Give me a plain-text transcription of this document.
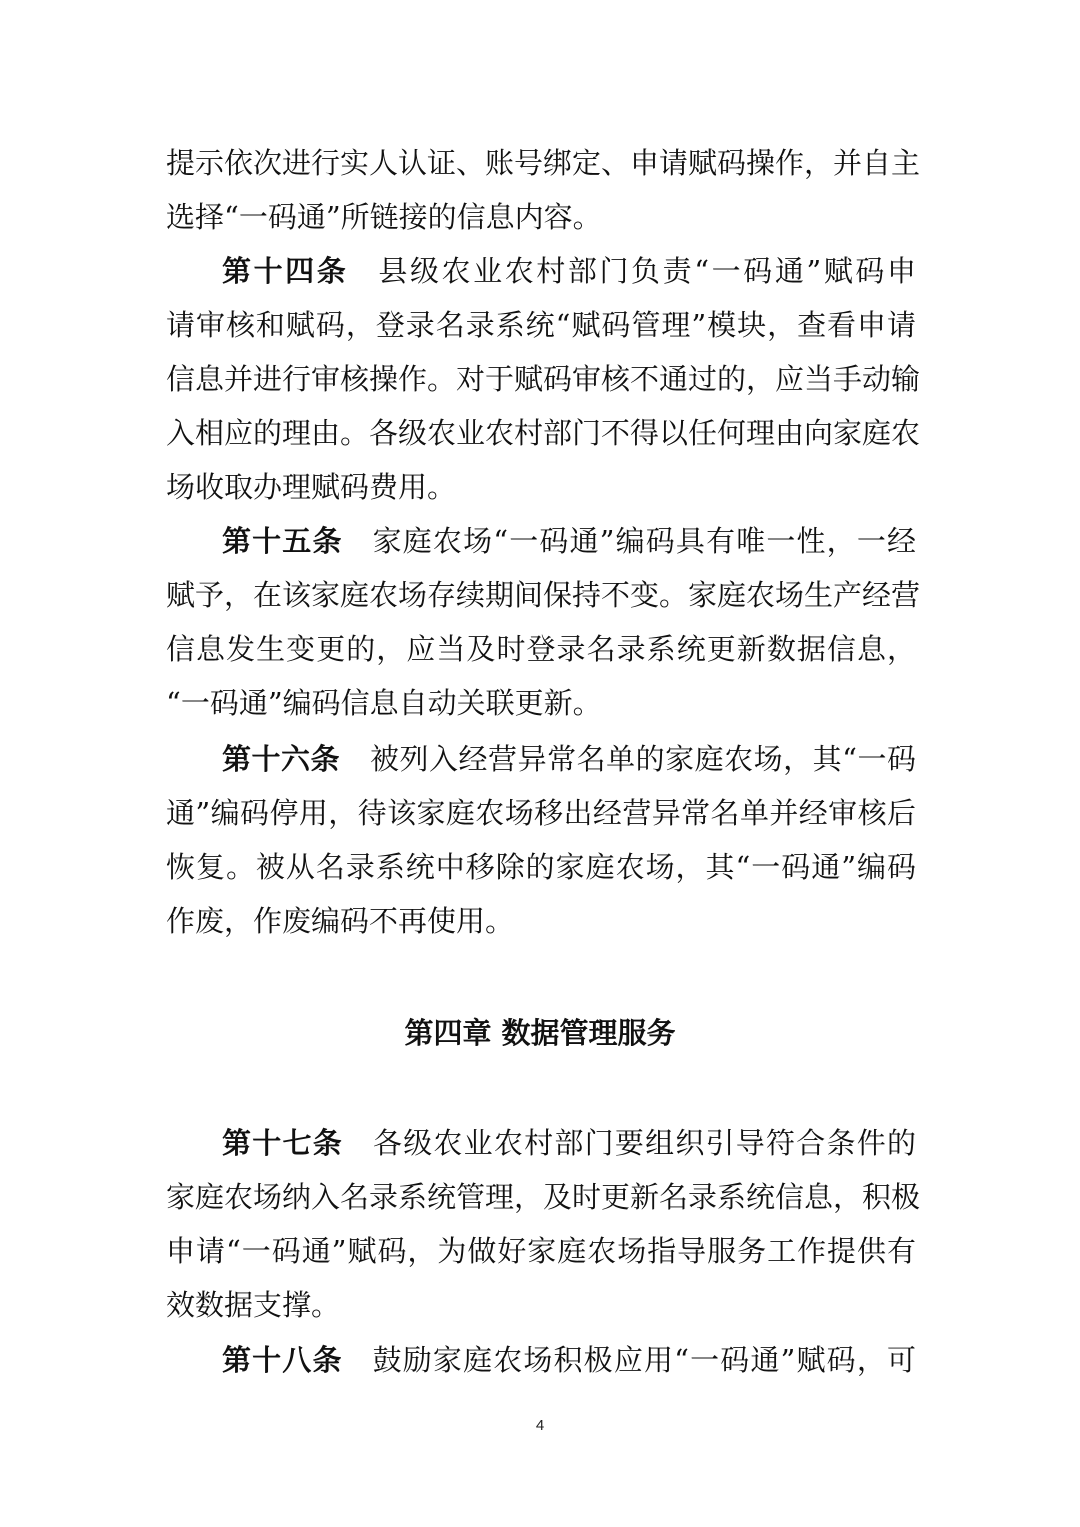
提示依次进行实人认证、账号绑定、申请赋码操作，并自主
选择“一码通”所链接的信息内容。
第十四条 县级农业农村部门负责“一码通”赋码申
请审核和赋码，登录名录系统“赋码管理”模块，查看申请
信息并进行审核操作。对于赋码审核不通过的，应当手动输
入相应的理由。各级农业农村部门不得以任何理由向家庭农
场收取办理赋码费用。
第十五条 家庭农场“一码通”编码具有唯一性，一经
赋予，在该家庭农场存续期间保持不变。家庭农场生产经营
信息发生变更的，应当及时登录名录系统更新数据信息，
“一码通”编码信息自动关联更新。
第十六条 被列入经营异常名单的家庭农场，其“一码
通”编码停用，待该家庭农场移出经营异常名单并经审核后
恢复。被从名录系统中移除的家庭农场，其“一码通”编码
作废，作废编码不再使用。
第四章 数据管理服务
第十七条 各级农业农村部门要组织引导符合条件的
家庭农场纳入名录系统管理，及时更新名录系统信息，积极
申请“一码通”赋码，为做好家庭农场指导服务工作提供有
效数据支撑。
第十八条 鼓励家庭农场积极应用“一码通”赋码，可
4
